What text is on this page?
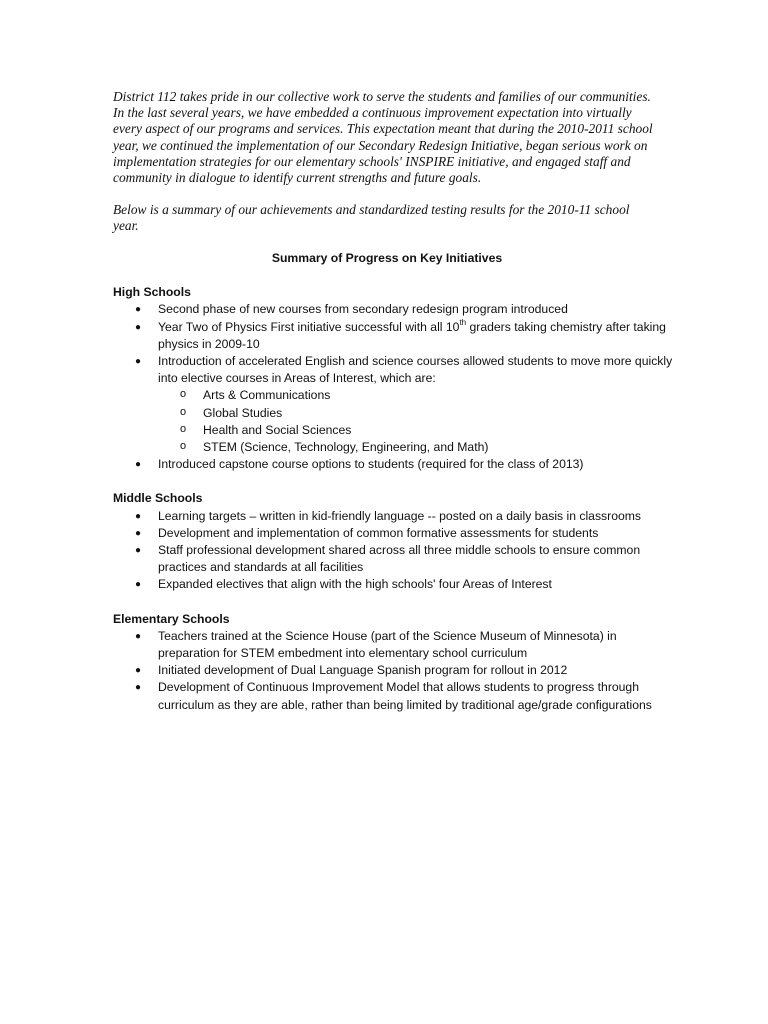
District 112 takes pride in our collective work to serve the students and families of our communities. In the last several years, we have embedded a continuous improvement expectation into virtually every aspect of our programs and services. This expectation meant that during the 2010-2011 school year, we continued the implementation of our Secondary Redesign Initiative, began serious work on implementation strategies for our elementary schools' INSPIRE initiative, and engaged staff and community in dialogue to identify current strengths and future goals.

Below is a summary of our achievements and standardized testing results for the 2010-11 school year.

Summary of Progress on Key Initiatives
High Schools
● Second phase of new courses from secondary redesign program introduced
● Year Two of Physics First initiative successful with all 10th graders taking chemistry after taking physics in 2009-10
● Introduction of accelerated English and science courses allowed students to move more quickly into elective courses in Areas of Interest, which are:
o Arts & Communications
o Global Studies
o Health and Social Sciences
o STEM (Science, Technology, Engineering, and Math)
● Introduced capstone course options to students (required for the class of 2013)
Middle Schools
● Learning targets – written in kid-friendly language -- posted on a daily basis in classrooms
● Development and implementation of common formative assessments for students
● Staff professional development shared across all three middle schools to ensure common practices and standards at all facilities
● Expanded electives that align with the high schools' four Areas of Interest
Elementary Schools
● Teachers trained at the Science House (part of the Science Museum of Minnesota) in preparation for STEM embedment into elementary school curriculum
● Initiated development of Dual Language Spanish program for rollout in 2012
● Development of Continuous Improvement Model that allows students to progress through curriculum as they are able, rather than being limited by traditional age/grade configurations
